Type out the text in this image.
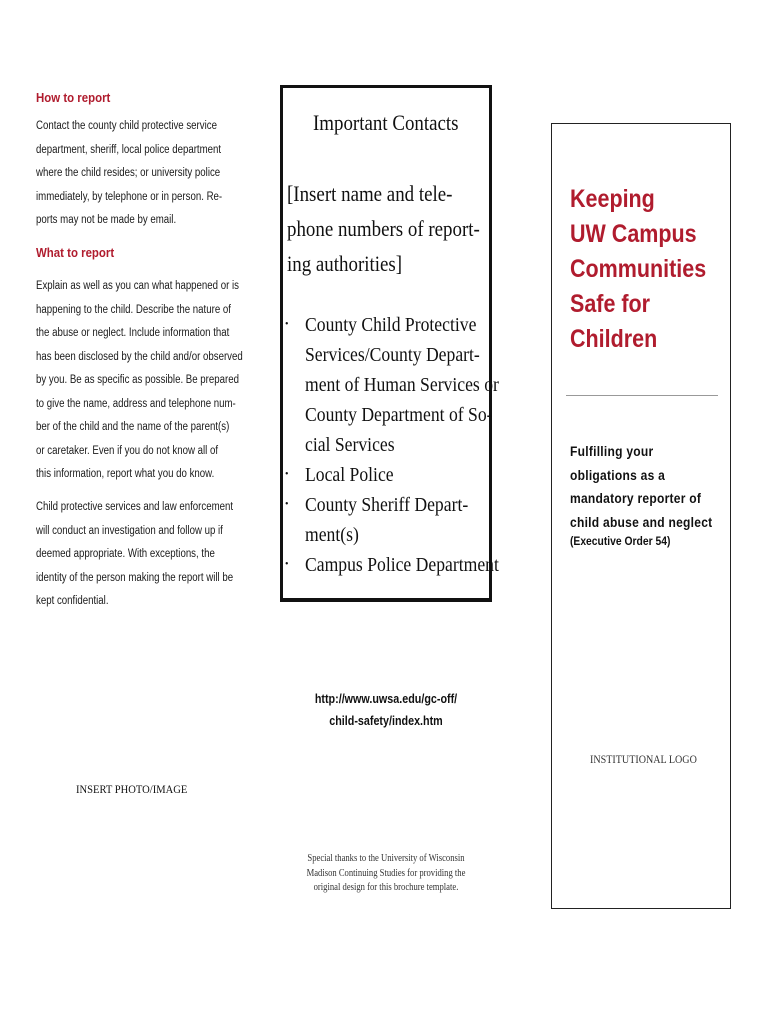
How to report
Contact the county child protective service
department, sheriff, local police department
where the child resides; or university police
immediately, by telephone or in person. Re-
ports may not be made by email.
What to report
Explain as well as you can what happened or is
happening to the child. Describe the nature of
the abuse or neglect. Include information that
has been disclosed by the child and/or observed
by you. Be as specific as possible. Be prepared
to give the name, address and telephone num-
ber of the child and the name of the parent(s)
or caretaker. Even if you do not know all of
this information, report what you do know.
Child protective services and law enforcement
will conduct an investigation and follow up if
deemed appropriate. With exceptions, the
identity of the person making the report will be
kept confidential.
INSERT PHOTO/IMAGE
Important Contacts
[Insert name and tele-
phone numbers of report-
ing authorities]
• County Child Protective
Services/County Depart-
ment of Human Services or
County Department of So-
cial Services
• Local Police
• County Sheriff Depart-
ment(s)
• Campus Police Department
http://www.uwsa.edu/gc-off/
child-safety/index.htm
Special thanks to the University of Wisconsin
Madison Continuing Studies for providing the
original design for this brochure template.
Keeping
UW Campus
Communities
Safe for
Children
Fulfilling your
obligations as a
mandatory reporter of
child abuse and neglect
(Executive Order 54)
INSTITUTIONAL LOGO
